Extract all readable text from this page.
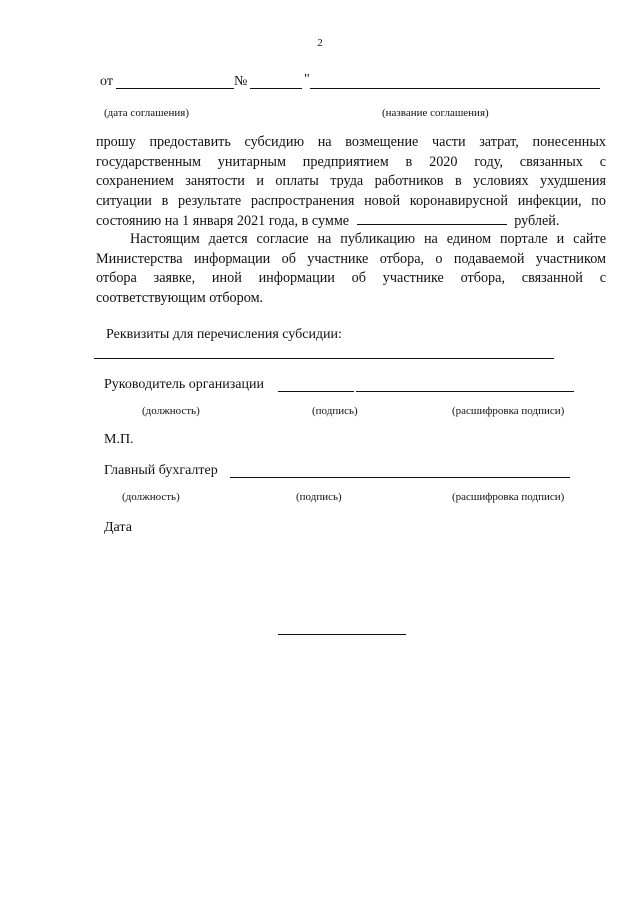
2
от	№	"
(дата соглашения)	(название соглашения)
прошу предоставить субсидию на возмещение части затрат, понесенных
государственным унитарным предприятием в 2020 году, связанных с
сохранением занятости и оплаты труда работников в условиях ухудшения
ситуации в результате распространения новой коронавирусной инфекции, по
состоянию на 1 января 2021 года, в сумме	рублей.
Настоящим дается согласие на публикацию на едином портале и сайте
Министерства информации об участнике отбора, о подаваемой участником
отбора заявке, иной информации об участнике отбора, связанной с
соответствующим отбором.
Реквизиты для перечисления субсидии:
Руководитель организации
(должность)	(подпись)	(расшифровка подписи)
М.П.
Главный бухгалтер
(должность)	(подпись)	(расшифровка подписи)
Дата
